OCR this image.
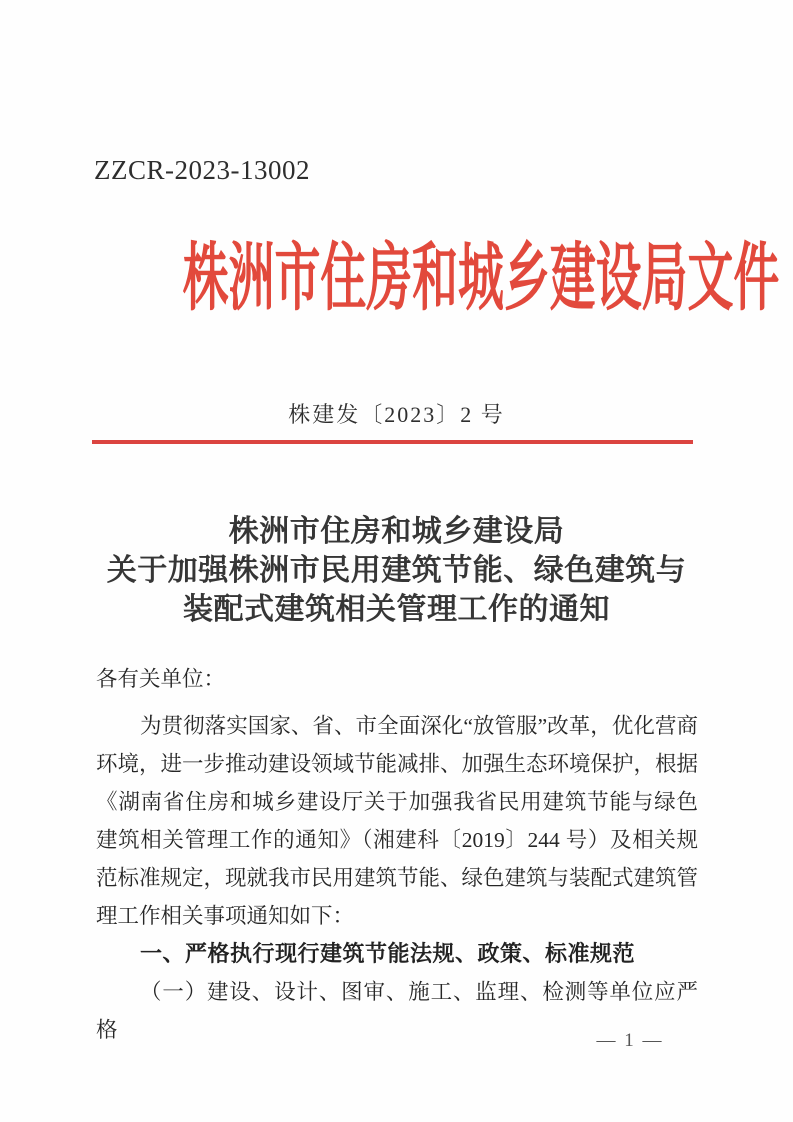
ZZCR-2023-13002
株洲市住房和城乡建设局文件
株建发〔2023〕2 号
株洲市住房和城乡建设局
关于加强株洲市民用建筑节能、绿色建筑与
装配式建筑相关管理工作的通知
各有关单位：
为贯彻落实国家、省、市全面深化“放管服”改革，优化营商
环境，进一步推动建设领域节能减排、加强生态环境保护，根据
《湖南省住房和城乡建设厅关于加强我省民用建筑节能与绿色
建筑相关管理工作的通知》（湘建科〔2019〕244 号）及相关规
范标准规定，现就我市民用建筑节能、绿色建筑与装配式建筑管
理工作相关事项通知如下：
一、严格执行现行建筑节能法规、政策、标准规范
（一）建设、设计、图审、施工、监理、检测等单位应严格	— 1 —
